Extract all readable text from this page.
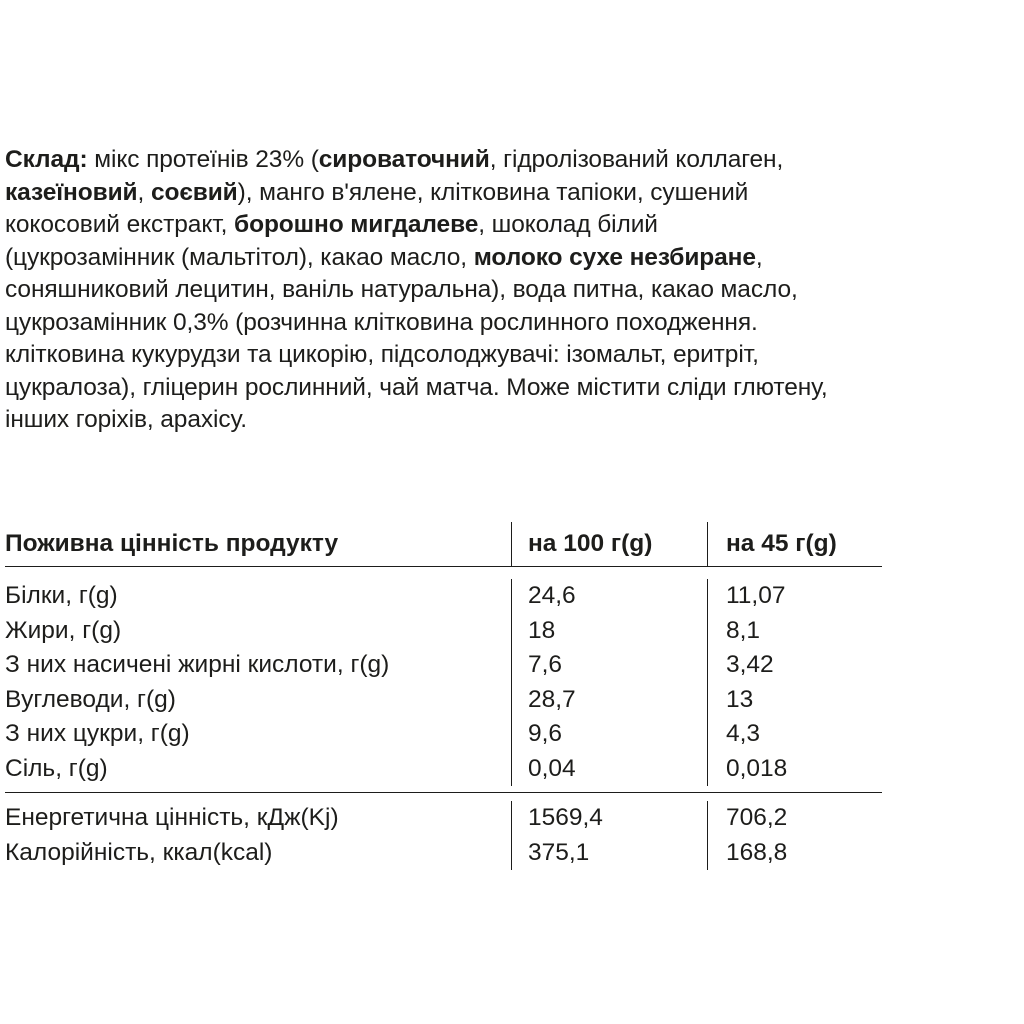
Склад: мікс протеїнів 23% (сироваточний, гідролізований коллаген,
казеїновий, соєвий), манго в'ялене, клітковина тапіоки, сушений
кокосовий екстракт, борошно мигдалеве, шоколад білий
(цукрозамінник (мальтітол), какао масло, молоко сухе незбиране,
соняшниковий лецитин, ваніль натуральна), вода питна, какао масло,
цукрозамінник 0,3% (розчинна клітковина рослинного походження.
клітковина кукурудзи та цикорію, підсолоджувачі: ізомальт, еритріт,
цукралоза), гліцерин рослинний, чай матча. Може містити сліди глютену,
інших горіхів, арахісу.
Поживна цінність продукту	на 100 г(g)	на 45 г(g)
Білки, г(g)	24,6	11,07
Жири, г(g)	18	8,1
З них насичені жирні кислоти, г(g)	7,6	3,42
Вуглеводи, г(g)	28,7	13
З них цукри, г(g)	9,6	4,3
Сіль, г(g)	0,04	0,018
Енергетична цінність, кДж(Kj)	1569,4	706,2
Калорійність, ккал(kcal)	375,1	168,8
